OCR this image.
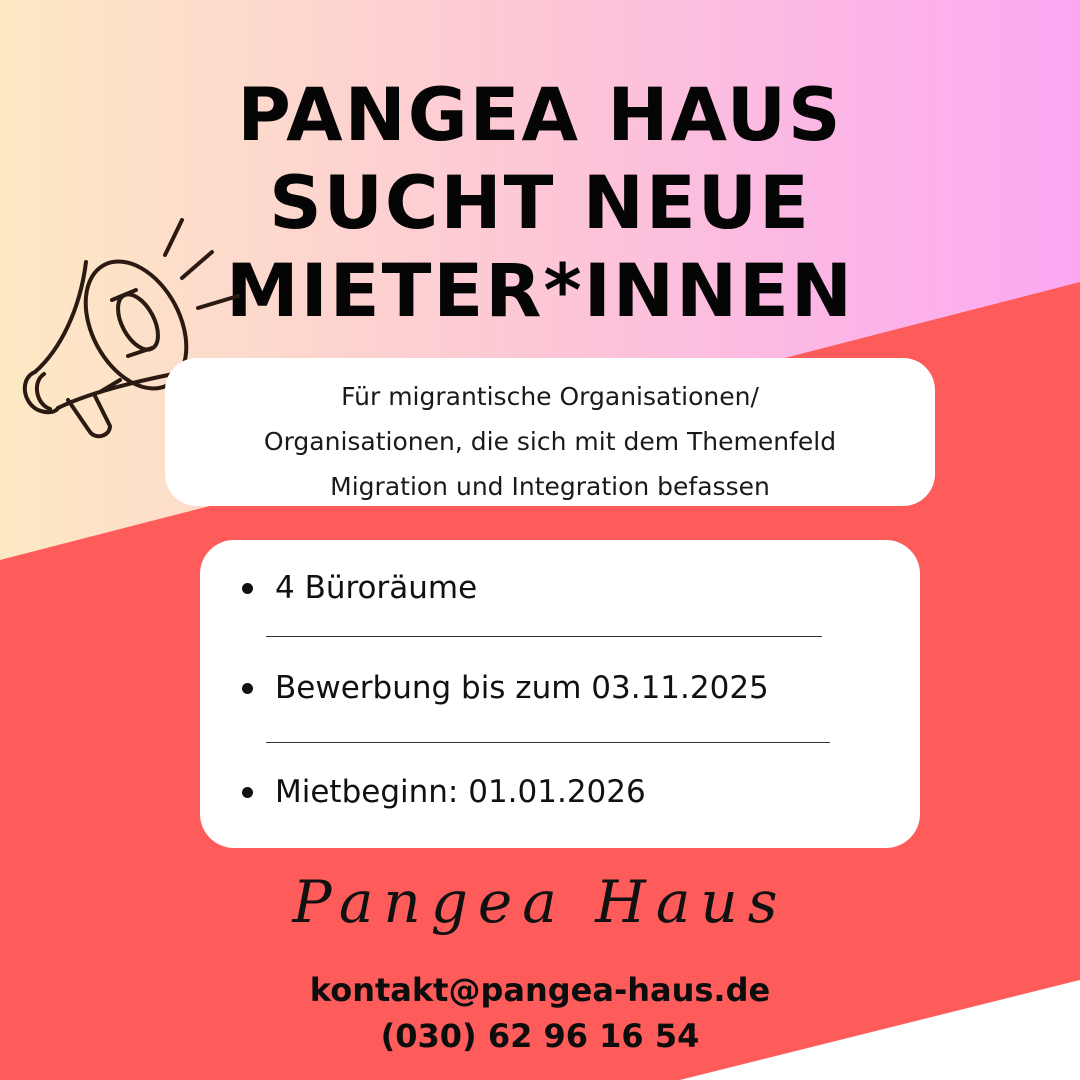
PANGEA HAUS
SUCHT NEUE
MIETER*INNEN
Für migrantische Organisationen/
Organisationen, die sich mit dem Themenfeld
Migration und Integration befassen
4 Büroräume
Bewerbung bis zum 03.11.2025
Mietbeginn: 01.01.2026
Pangea Haus
kontakt@pangea-haus.de
(030) 62 96 16 54
